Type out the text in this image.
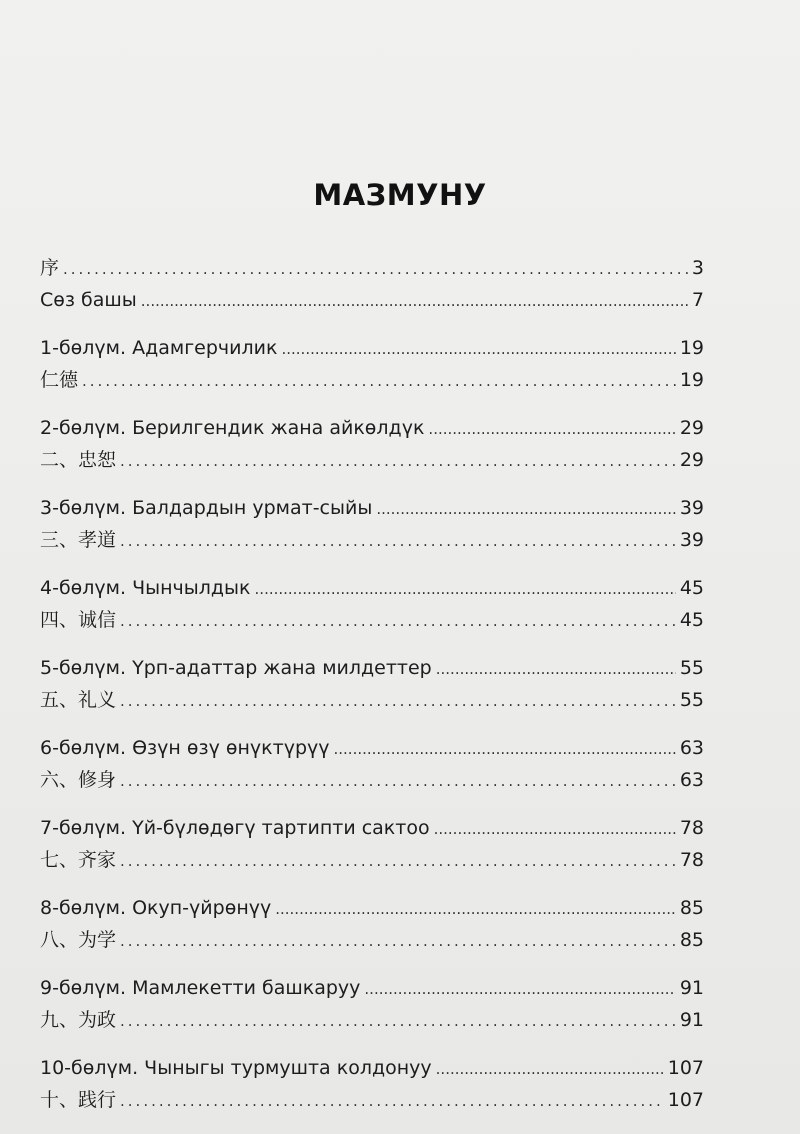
МАЗМУНУ
序 .....	3
Сөз башы .....	7
1-бөлүм. Адамгерчилик .....	19
仁德 .....	19
2-бөлүм. Берилгендик жана айкөлдүк .....	29
二、忠恕 .....	29
3-бөлүм. Балдардын урмат-сыйы .....	39
三、孝道 .....	39
4-бөлүм. Чынчылдык .....	45
四、诚信 .....	45
5-бөлүм. Үрп-адаттар жана милдеттер .....	55
五、礼义 .....	55
6-бөлүм. Өзүн өзү өнүктүрүү .....	63
六、修身 .....	63
7-бөлүм. Үй-бүлөдөгү тартипти сактоо .....	78
七、齐家 .....	78
8-бөлүм. Окуп-үйрөнүү .....	85
八、为学 .....	85
9-бөлүм. Мамлекетти башкаруу .....	91
九、为政 .....	91
10-бөлүм. Чыныгы турмушта колдонуу .....	107
十、践行 .....	107
